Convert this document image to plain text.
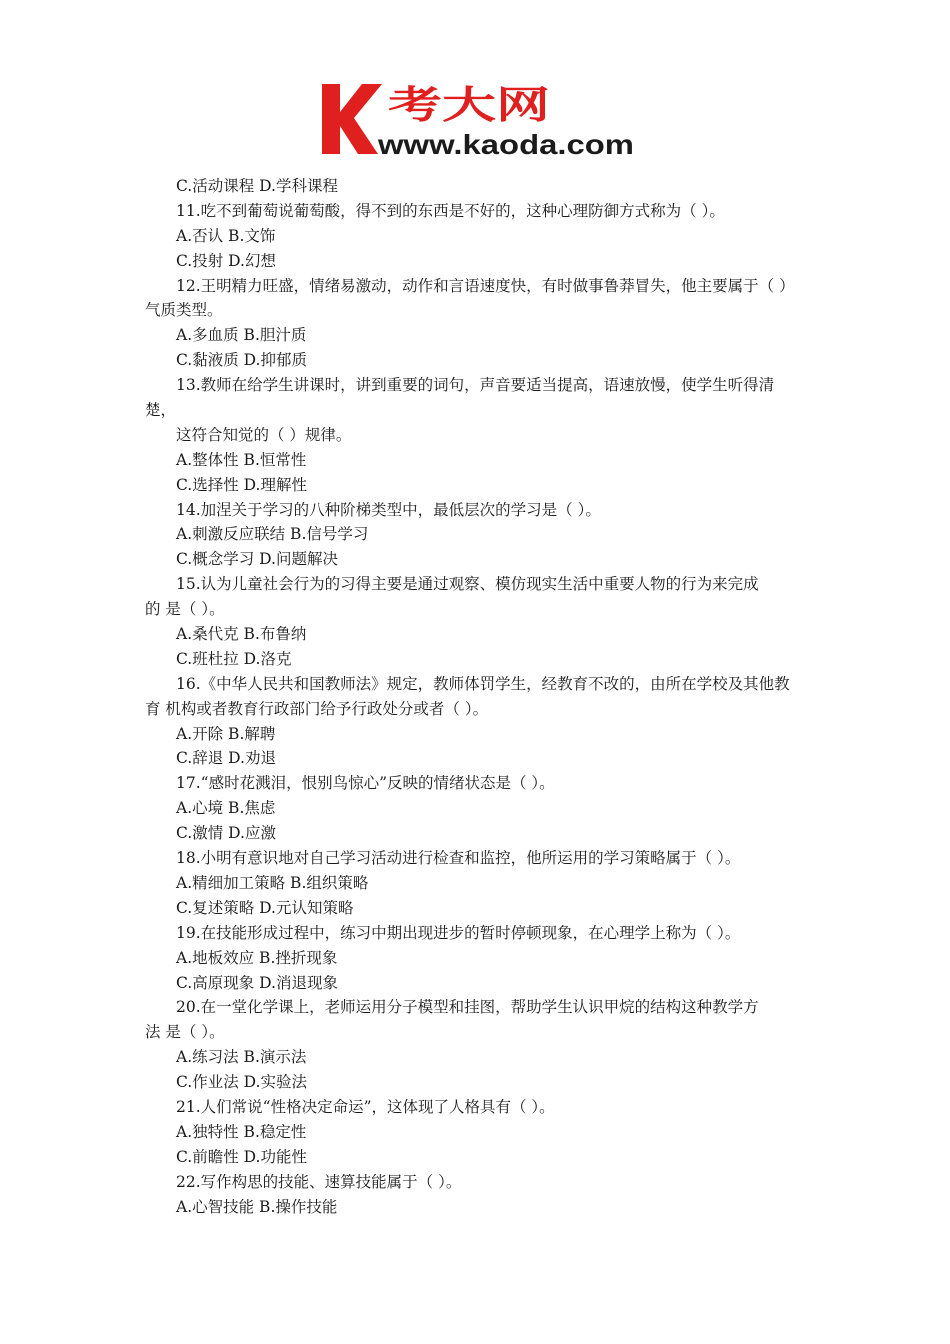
考大网
www.kaoda.com
C.活动课程 D.学科课程
11.吃不到葡萄说葡萄酸，得不到的东西是不好的，这种心理防御方式称为（ ）。
A.否认 B.文饰
C.投射 D.幻想
12.王明精力旺盛，情绪易激动，动作和言语速度快，有时做事鲁莽冒失，他主要属于（ ）
气质类型。
A.多血质 B.胆汁质
C.黏液质 D.抑郁质
13.教师在给学生讲课时，讲到重要的词句，声音要适当提高，语速放慢，使学生听得清
楚，
这符合知觉的（ ）规律。
A.整体性 B.恒常性
C.选择性 D.理解性
14.加涅关于学习的八种阶梯类型中，最低层次的学习是（ ）。
A.刺激反应联结 B.信号学习
C.概念学习 D.问题解决
15.认为儿童社会行为的习得主要是通过观察、模仿现实生活中重要人物的行为来完成
的 是（ ）。
A.桑代克 B.布鲁纳
C.班杜拉 D.洛克
16.《中华人民共和国教师法》规定，教师体罚学生，经教育不改的，由所在学校及其他教
育 机构或者教育行政部门给予行政处分或者（ ）。
A.开除 B.解聘
C.辞退 D.劝退
17.“感时花溅泪，恨别鸟惊心”反映的情绪状态是（ ）。
A.心境 B.焦虑
C.激情 D.应激
18.小明有意识地对自己学习活动进行检查和监控，他所运用的学习策略属于（ ）。
A.精细加工策略 B.组织策略
C.复述策略 D.元认知策略
19.在技能形成过程中，练习中期出现进步的暂时停顿现象，在心理学上称为（ ）。
A.地板效应 B.挫折现象
C.高原现象 D.消退现象
20.在一堂化学课上，老师运用分子模型和挂图，帮助学生认识甲烷的结构这种教学方
法 是（ ）。
A.练习法 B.演示法
C.作业法 D.实验法
21.人们常说“性格决定命运”，这体现了人格具有（ ）。
A.独特性 B.稳定性
C.前瞻性 D.功能性
22.写作构思的技能、速算技能属于（ ）。
A.心智技能 B.操作技能
